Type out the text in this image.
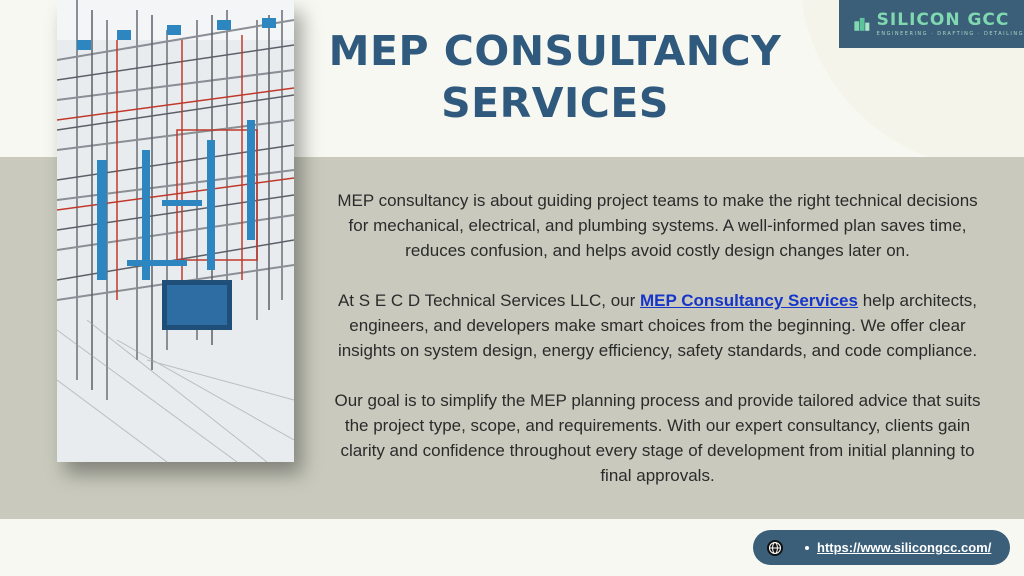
SILICON GCC
ENGINEERING · DRAFTING · DETAILING
MEP CONSULTANCY
SERVICES

MEP consultancy is about guiding project teams to make the right technical decisions for mechanical, electrical, and plumbing systems. A well-informed plan saves time, reduces confusion, and helps avoid costly design changes later on.

At S E C D Technical Services LLC, our MEP Consultancy Services help architects, engineers, and developers make smart choices from the beginning. We offer clear insights on system design, energy efficiency, safety standards, and code compliance.

Our goal is to simplify the MEP planning process and provide tailored advice that suits the project type, scope, and requirements. With our expert consultancy, clients gain clarity and confidence throughout every stage of development from initial planning to final approvals.

https://www.silicongcc.com/
